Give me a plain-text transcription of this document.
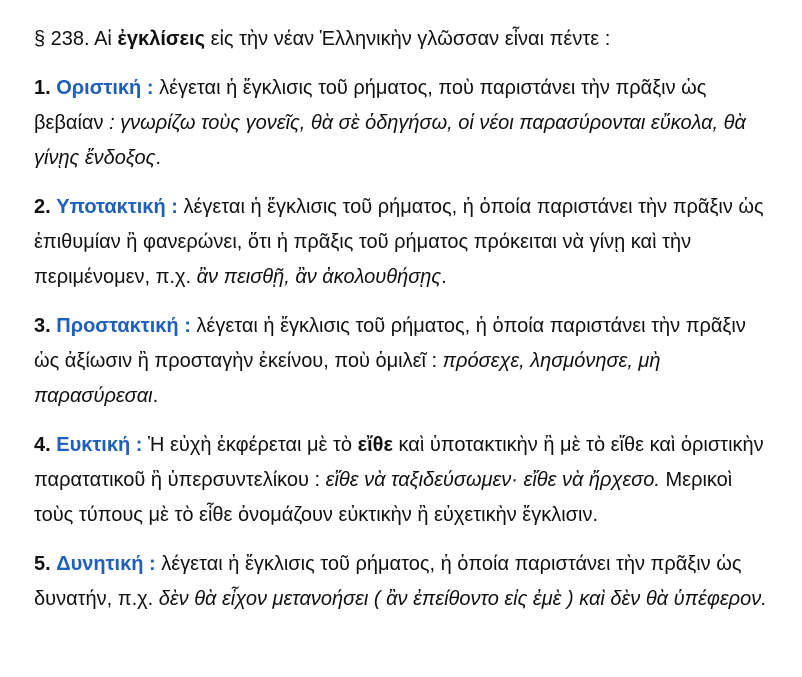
§ 238. Αἱ ἐγκλίσεις εἰς τὴν νέαν Ἑλληνικὴν γλῶσσαν εἶναι πέντε :

1. Οριστική : λέγεται ἡ ἔγκλισις τοῦ ρήματος, ποὺ παριστάνει τὴν πρᾶξιν ὡς βεβαίαν : γνωρίζω τοὺς γονεῖς, θὰ σὲ ὁδηγήσω, οἱ νέοι παρασύρονται εὔκολα, θὰ γίνῃς ἔνδοξος.

2. Υποτακτική : λέγεται ἡ ἔγκλισις τοῦ ρήματος, ἡ ὁποία παριστάνει τὴν πρᾶξιν ὡς ἐπιθυμίαν ἢ φανερώνει, ὅτι ἡ πρᾶξις τοῦ ρήματος πρόκειται νὰ γίνῃ καὶ τὴν περιμένομεν, π.χ. ἂν πεισθῇ, ἂν ἀκολουθήσῃς.

3. Προστακτική : λέγεται ἡ ἔγκλισις τοῦ ρήματος, ἡ ὁποία παριστάνει τὴν πρᾶξιν ὡς ἀξίωσιν ἢ προσταγὴν ἐκείνου, ποὺ ὁμιλεῖ : πρόσεχε, λησμόνησε, μὴ παρασύρεσαι.

4. Ευκτική : Ἡ εὐχὴ ἐκφέρεται μὲ τὸ εἴθε καὶ ὑποτακτικὴν ἢ μὲ τὸ εἴθε καὶ ὁριστικὴν παρατατικοῦ ἢ ὑπερσυντελίκου : εἴθε νὰ ταξιδεύσωμεν· εἴθε νὰ ἤρχεσο. Μερικοὶ τοὺς τύπους μὲ τὸ εἶθε ὀνομάζουν εὐκτικὴν ἢ εὐχετικὴν ἔγκλισιν.

5. Δυνητική : λέγεται ἡ ἔγκλισις τοῦ ρήματος, ἡ ὁποία παριστάνει τὴν πρᾶξιν ὡς δυνατήν, π.χ. δὲν θὰ εἶχον μετανοήσει ( ἂν ἐπείθοντο εἰς ἐμὲ ) καὶ δὲν θὰ ὑπέφερον.
